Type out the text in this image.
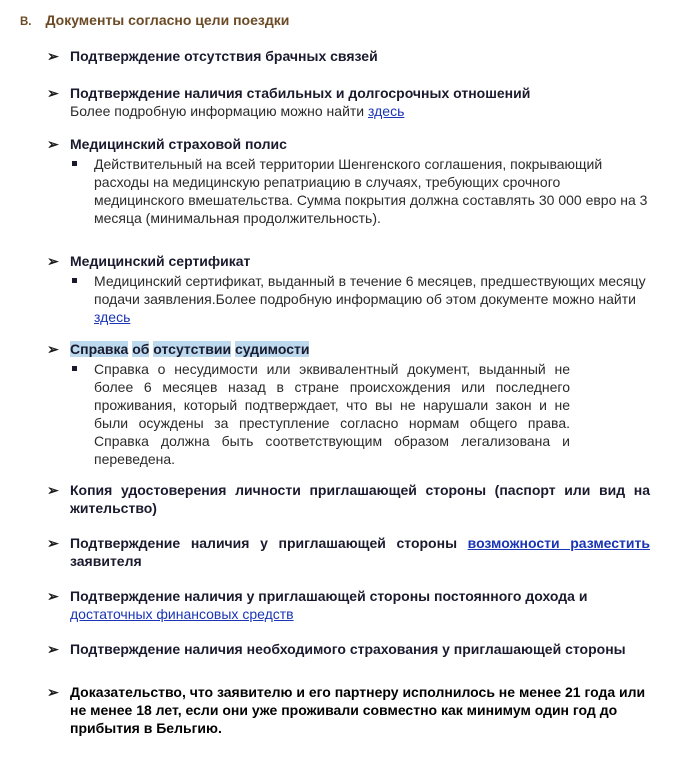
B. Документы согласно цели поездки
➢ Подтверждение отсутствия брачных связей
➢ Подтверждение наличия стабильных и долгосрочных отношений
Более подробную информацию можно найти здесь
➢ Медицинский страховой полис
Действительный на всей территории Шенгенского соглашения, покрывающий расходы на медицинскую репатриацию в случаях, требующих срочного медицинского вмешательства. Сумма покрытия должна составлять 30 000 евро на 3 месяца (минимальная продолжительность).
➢ Медицинский сертификат
Медицинский сертификат, выданный в течение 6 месяцев, предшествующих месяцу подачи заявления.Более подробную информацию об этом документе можно найти здесь
➢ Справка об отсутствии судимости
Справка о несудимости или эквивалентный документ, выданный не более 6 месяцев назад в стране происхождения или последнего проживания, который подтверждает, что вы не нарушали закон и не были осуждены за преступление согласно нормам общего права. Справка должна быть соответствующим образом легализована и переведена.
➢ Копия удостоверения личности приглашающей стороны (паспорт или вид на жительство)
➢ Подтверждение наличия у приглашающей стороны возможности разместить заявителя
➢ Подтверждение наличия у приглашающей стороны постоянного дохода и достаточных финансовых средств
➢ Подтверждение наличия необходимого страхования у приглашающей стороны
➢ Доказательство, что заявителю и его партнеру исполнилось не менее 21 года или не менее 18 лет, если они уже проживали совместно как минимум один год до прибытия в Бельгию.
